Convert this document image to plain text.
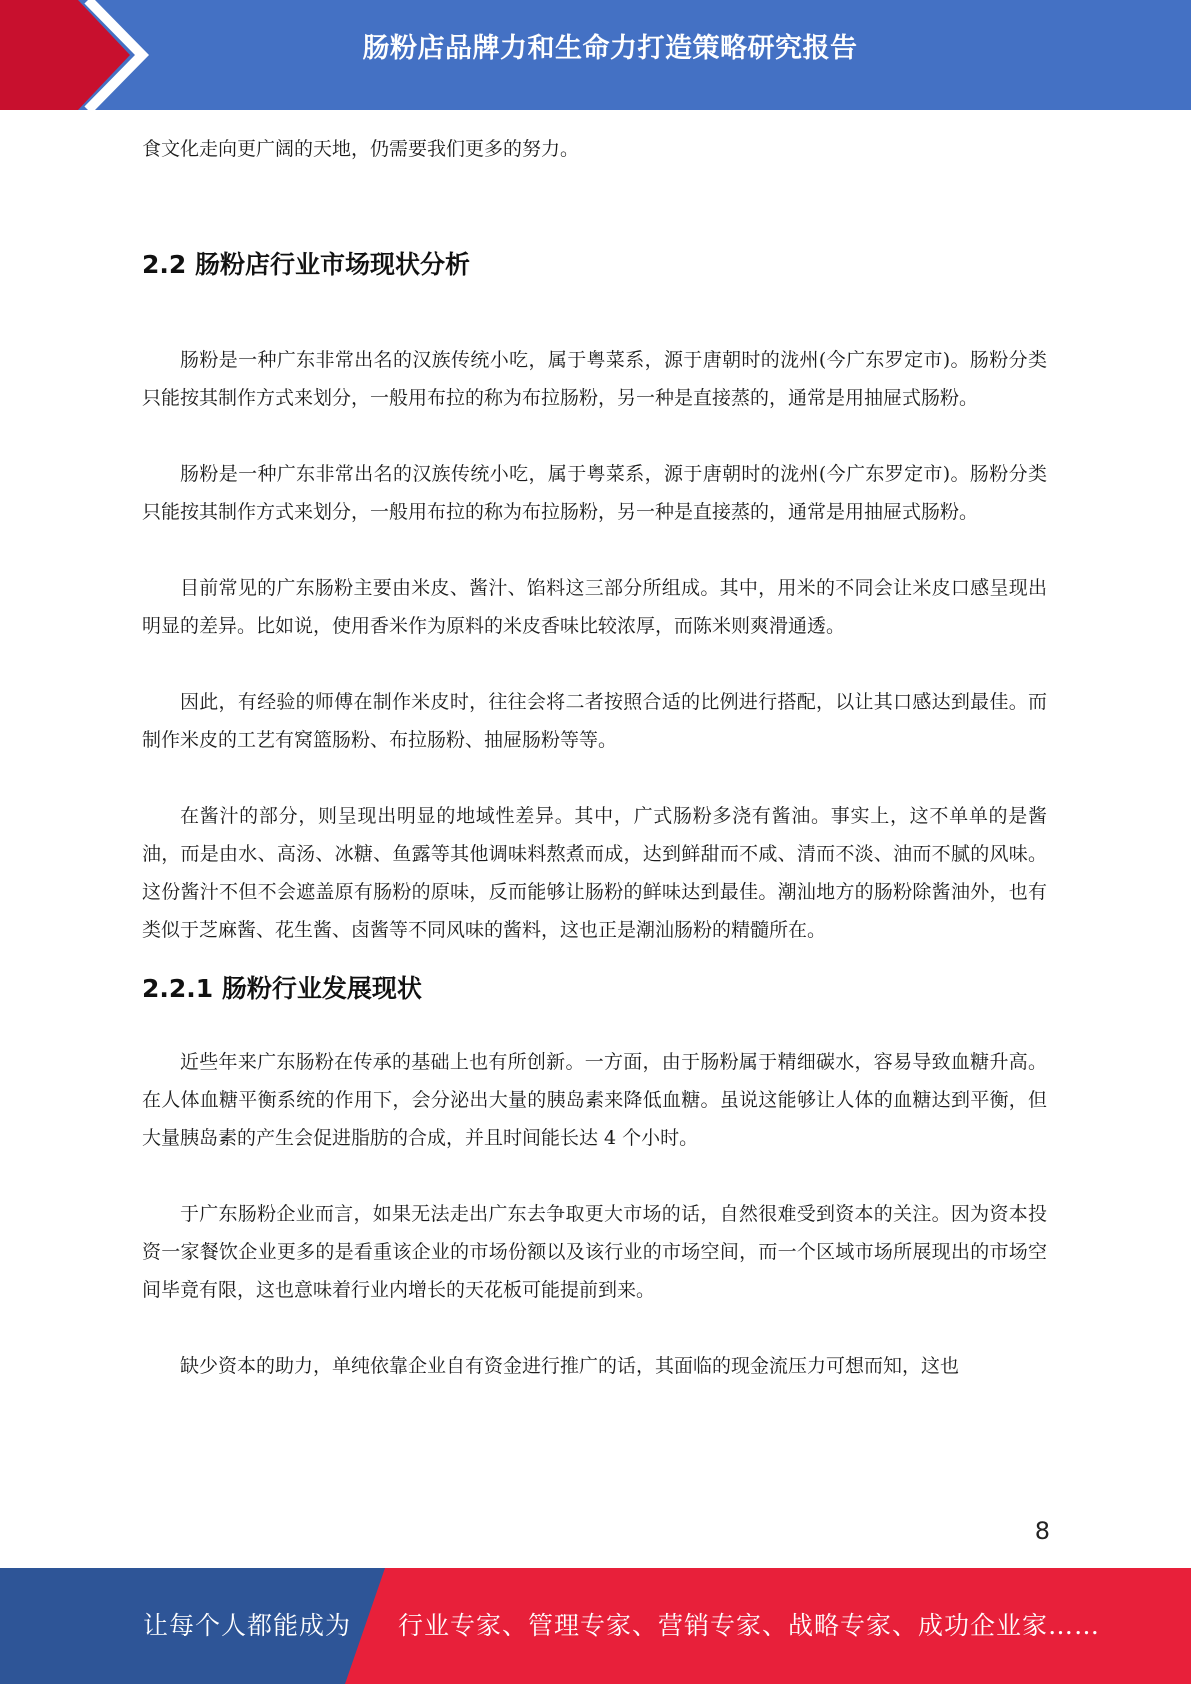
肠粉店品牌力和生命力打造策略研究报告

食文化走向更广阔的天地，仍需要我们更多的努力。

2.2 肠粉店行业市场现状分析

肠粉是一种广东非常出名的汉族传统小吃，属于粤菜系，源于唐朝时的泷州(今广东罗定市)。肠粉分类只能按其制作方式来划分，一般用布拉的称为布拉肠粉，另一种是直接蒸的，通常是用抽屉式肠粉。

肠粉是一种广东非常出名的汉族传统小吃，属于粤菜系，源于唐朝时的泷州(今广东罗定市)。肠粉分类只能按其制作方式来划分，一般用布拉的称为布拉肠粉，另一种是直接蒸的，通常是用抽屉式肠粉。

目前常见的广东肠粉主要由米皮、酱汁、馅料这三部分所组成。其中，用米的不同会让米皮口感呈现出明显的差异。比如说，使用香米作为原料的米皮香味比较浓厚，而陈米则爽滑通透。

因此，有经验的师傅在制作米皮时，往往会将二者按照合适的比例进行搭配，以让其口感达到最佳。而制作米皮的工艺有窝篮肠粉、布拉肠粉、抽屉肠粉等等。

在酱汁的部分，则呈现出明显的地域性差异。其中，广式肠粉多浇有酱油。事实上，这不单单的是酱油，而是由水、高汤、冰糖、鱼露等其他调味料熬煮而成，达到鲜甜而不咸、清而不淡、油而不腻的风味。这份酱汁不但不会遮盖原有肠粉的原味，反而能够让肠粉的鲜味达到最佳。潮汕地方的肠粉除酱油外，也有类似于芝麻酱、花生酱、卤酱等不同风味的酱料，这也正是潮汕肠粉的精髓所在。

2.2.1 肠粉行业发展现状

近些年来广东肠粉在传承的基础上也有所创新。一方面，由于肠粉属于精细碳水，容易导致血糖升高。在人体血糖平衡系统的作用下，会分泌出大量的胰岛素来降低血糖。虽说这能够让人体的血糖达到平衡，但大量胰岛素的产生会促进脂肪的合成，并且时间能长达 4 个小时。

于广东肠粉企业而言，如果无法走出广东去争取更大市场的话，自然很难受到资本的关注。因为资本投资一家餐饮企业更多的是看重该企业的市场份额以及该行业的市场空间，而一个区域市场所展现出的市场空间毕竟有限，这也意味着行业内增长的天花板可能提前到来。

缺少资本的助力，单纯依靠企业自有资金进行推广的话，其面临的现金流压力可想而知，这也

8
让每个人都能成为 行业专家、管理专家、营销专家、战略专家、成功企业家……
